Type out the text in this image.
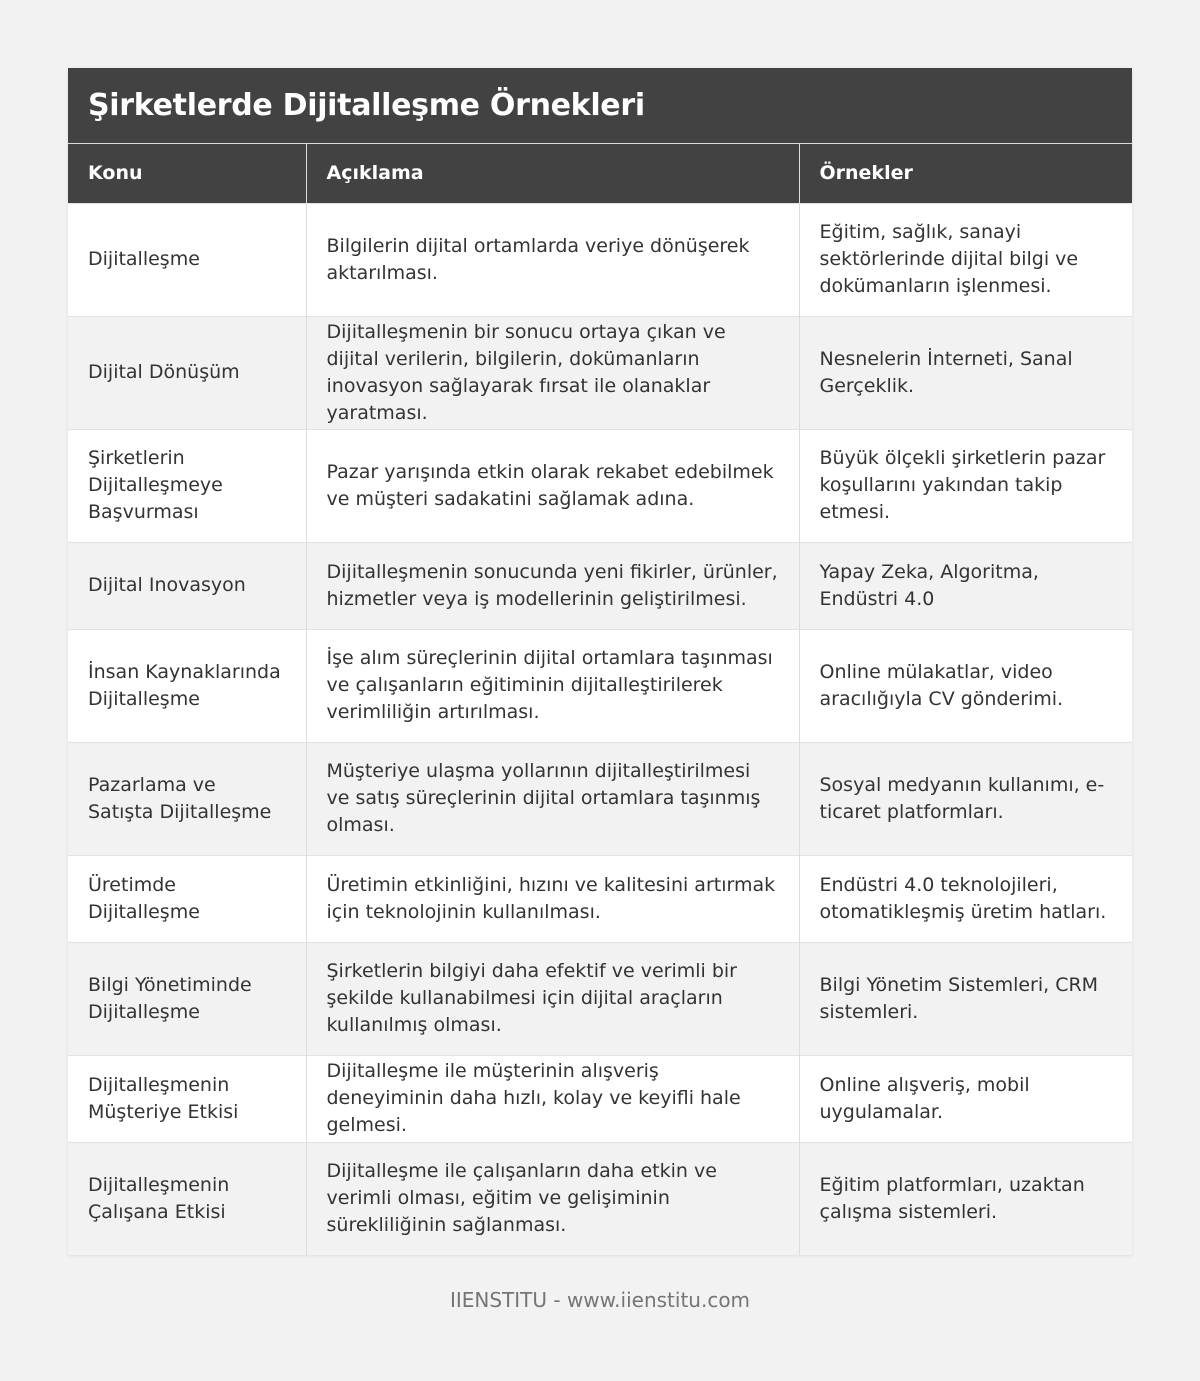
Şirketlerde Dijitalleşme Örnekleri
Konu	Açıklama	Örnekler
Dijitalleşme	Bilgilerin dijital ortamlarda veriye dönüşerek aktarılması.	Eğitim, sağlık, sanayi sektörlerinde dijital bilgi ve dokümanların işlenmesi.
Dijital Dönüşüm	Dijitalleşmenin bir sonucu ortaya çıkan ve dijital verilerin, bilgilerin, dokümanların inovasyon sağlayarak fırsat ile olanaklar yaratması.	Nesnelerin İnterneti, Sanal Gerçeklik.
Şirketlerin Dijitalleşmeye Başvurması	Pazar yarışında etkin olarak rekabet edebilmek ve müşteri sadakatini sağlamak adına.	Büyük ölçekli şirketlerin pazar koşullarını yakından takip etmesi.
Dijital Inovasyon	Dijitalleşmenin sonucunda yeni fikirler, ürünler, hizmetler veya iş modellerinin geliştirilmesi.	Yapay Zeka, Algoritma, Endüstri 4.0
İnsan Kaynaklarında Dijitalleşme	İşe alım süreçlerinin dijital ortamlara taşınması ve çalışanların eğitiminin dijitalleştirilerek verimliliğin artırılması.	Online mülakatlar, video aracılığıyla CV gönderimi.
Pazarlama ve Satışta Dijitalleşme	Müşteriye ulaşma yollarının dijitalleştirilmesi ve satış süreçlerinin dijital ortamlara taşınmış olması.	Sosyal medyanın kullanımı, e-ticaret platformları.
Üretimde Dijitalleşme	Üretimin etkinliğini, hızını ve kalitesini artırmak için teknolojinin kullanılması.	Endüstri 4.0 teknolojileri, otomatikleşmiş üretim hatları.
Bilgi Yönetiminde Dijitalleşme	Şirketlerin bilgiyi daha efektif ve verimli bir şekilde kullanabilmesi için dijital araçların kullanılmış olması.	Bilgi Yönetim Sistemleri, CRM sistemleri.
Dijitalleşmenin Müşteriye Etkisi	Dijitalleşme ile müşterinin alışveriş deneyiminin daha hızlı, kolay ve keyifli hale gelmesi.	Online alışveriş, mobil uygulamalar.
Dijitalleşmenin Çalışana Etkisi	Dijitalleşme ile çalışanların daha etkin ve verimli olması, eğitim ve gelişiminin sürekliliğinin sağlanması.	Eğitim platformları, uzaktan çalışma sistemleri.
IIENSTITU - www.iienstitu.com
